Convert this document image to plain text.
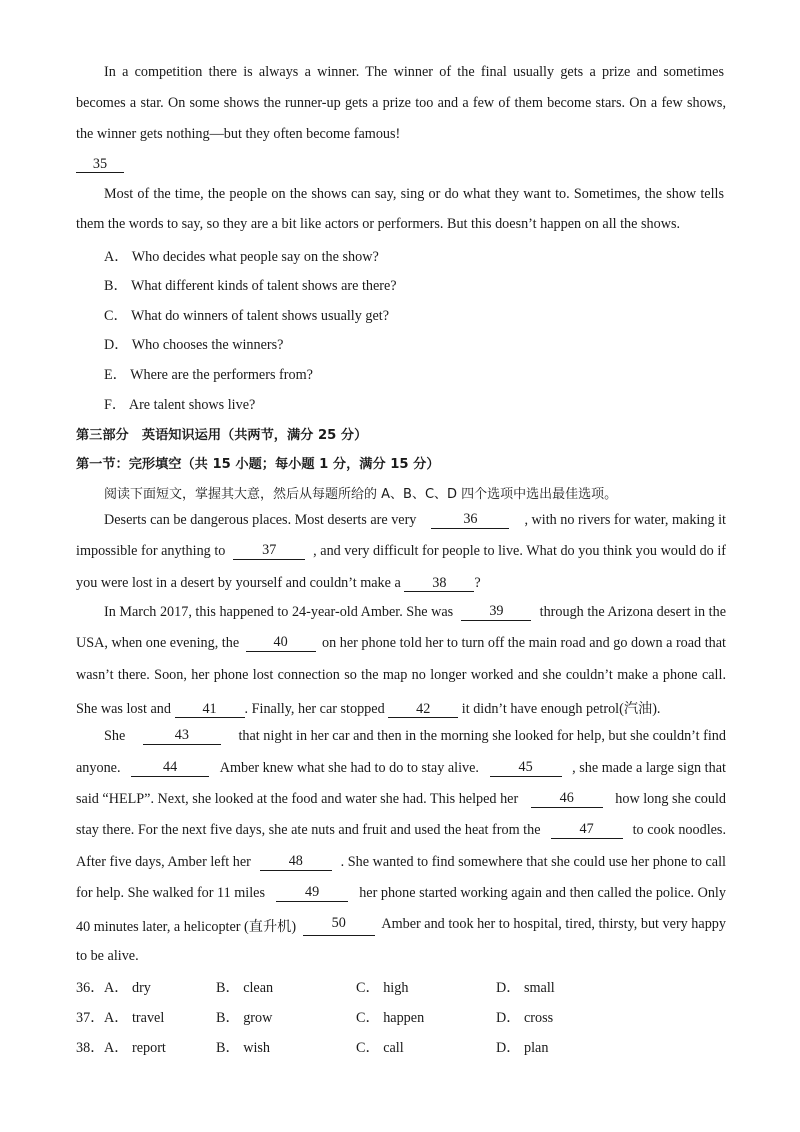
In a competition there is always a winner. The winner of the final usually gets a prize and sometimes
becomes a star. On some shows the runner-up gets a prize too and a few of them become stars. On a few shows,
the winner gets nothing—but they often become famous!
35
Most of the time, the people on the shows can say, sing or do what they want to. Sometimes, the show tells
them the words to say, so they are a bit like actors or performers. But this doesn’t happen on all the shows.
A． Who decides what people say on the show?
B． What different kinds of talent shows are there?
C． What do winners of talent shows usually get?
D． Who chooses the winners?
E． Where are the performers from?
F． Are talent shows live?
第三部分　英语知识运用（共两节，满分 25 分）
第一节：完形填空（共 15 小题；每小题 1 分，满分 15 分）
阅读下面短文，掌握其大意，然后从每题所给的 A、B、C、D 四个选项中选出最佳选项。
Deserts can be dangerous places. Most deserts are very	36	, with no rivers for water, making it
impossible for anything to	37	, and very difficult for people to live. What do you think you would do if
you were lost in a desert by yourself and couldn’t make a 38 ?
In March 2017, this happened to 24-year-old Amber. She was	39	through the Arizona desert in the
USA, when one evening, the	40	on her phone told her to turn off the main road and go down a road that
wasn’t there. Soon, her phone lost connection so the map no longer worked and she couldn’t make a phone call.
She was lost and 41 . Finally, her car stopped 42 it didn’t have enough petrol(汽油).
She	43	that night in her car and then in the morning she looked for help, but she couldn’t find
anyone.	44	Amber knew what she had to do to stay alive.	45	, she made a large sign that
said “HELP”. Next, she looked at the food and water she had. This helped her	46	how long she could
stay there. For the next five days, she ate nuts and fruit and used the heat from the	47	to cook noodles.
After five days, Amber left her	48	. She wanted to find somewhere that she could use her phone to call
for help. She walked for 11 miles	49	her phone started working again and then called the police. Only
40 minutes later, a helicopter (直升机)	50	Amber and took her to hospital, tired, thirsty, but very happy
to be alive.
36． A． dry	B． clean	C． high	D． small
37． A． travel	B． grow	C． happen	D． cross
38． A． report	B． wish	C． call	D． plan
